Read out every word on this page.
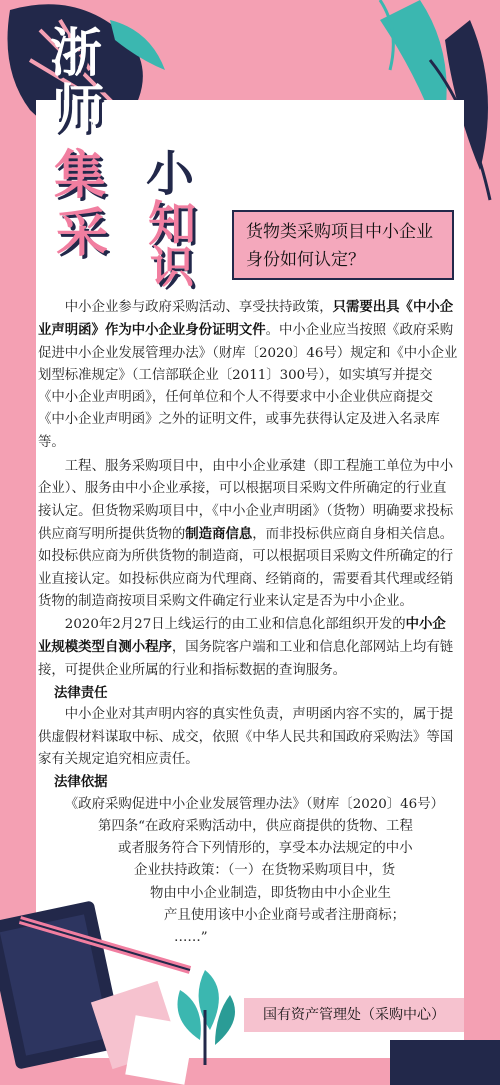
浙
师
集
采
小
知
识
货物类采购项目中小企业
身份如何认定？

中小企业参与政府采购活动、享受扶持政策，只需要出具《中小企业声明函》作为中小企业身份证明文件。中小企业应当按照《政府采购促进中小企业发展管理办法》（财库〔2020〕46号）规定和《中小企业划型标准规定》（工信部联企业〔2011〕300号），如实填写并提交《中小企业声明函》，任何单位和个人不得要求中小企业供应商提交《中小企业声明函》之外的证明文件，或事先获得认定及进入名录库等。

工程、服务采购项目中，由中小企业承建（即工程施工单位为中小企业）、服务由中小企业承接，可以根据项目采购文件所确定的行业直接认定。但货物采购项目中，《中小企业声明函》（货物）明确要求投标供应商写明所提供货物的制造商信息，而非投标供应商自身相关信息。如投标供应商为所供货物的制造商，可以根据项目采购文件所确定的行业直接认定。如投标供应商为代理商、经销商的，需要看其代理或经销货物的制造商按项目采购文件确定行业来认定是否为中小企业。

2020年2月27日上线运行的由工业和信息化部组织开发的中小企业规模类型自测小程序，国务院客户端和工业和信息化部网站上均有链接，可提供企业所属的行业和指标数据的查询服务。

法律责任

中小企业对其声明内容的真实性负责，声明函内容不实的，属于提供虚假材料谋取中标、成交，依照《中华人民共和国政府采购法》等国家有关规定追究相应责任。

法律依据

《政府采购促进中小企业发展管理办法》（财库〔2020〕46号）

第四条“在政府采购活动中，供应商提供的货物、工程

或者服务符合下列情形的，享受本办法规定的中小

企业扶持政策：（一）在货物采购项目中，货

物由中小企业制造，即货物由中小企业生

产且使用该中小企业商号或者注册商标；

……”

国有资产管理处（采购中心）
